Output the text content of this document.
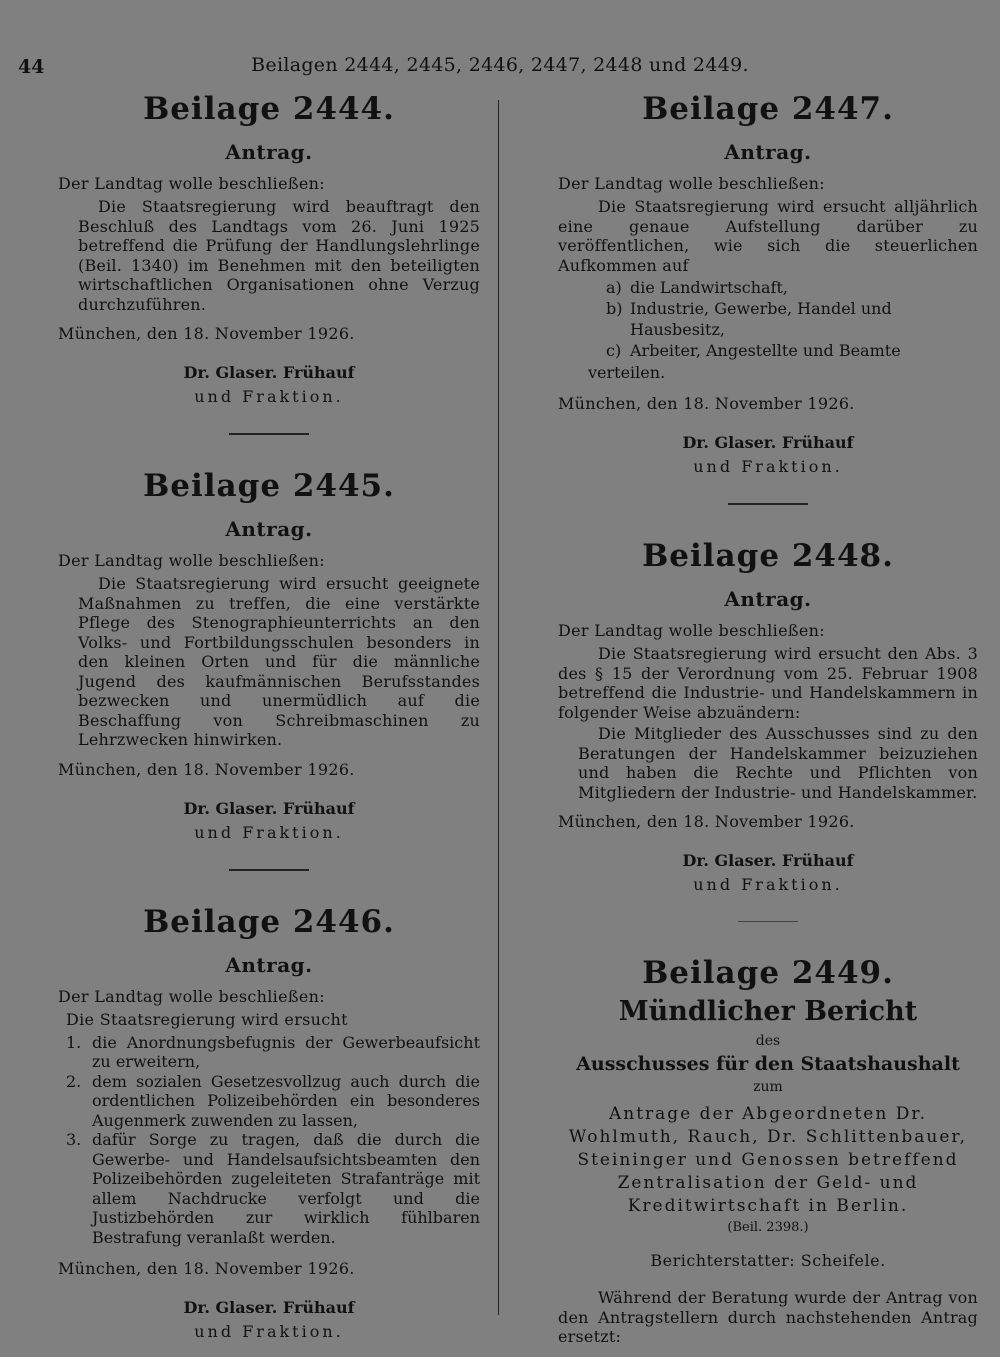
44	Beilagen 2444, 2445, 2446, 2447, 2448 und 2449.
Beilage 2444.
Antrag.
Der Landtag wolle beschließen:

Die Staatsregierung wird beauftragt den Beschluß des Landtags vom 26. Juni 1925 betreffend die Prüfung der Handlungslehrlinge (Beil. 1340) im Benehmen mit den beteiligten wirtschaftlichen Organisationen ohne Verzug durchzuführen.

München, den 18. November 1926.
Dr. Glaser. Frühauf
und Fraktion.
Beilage 2445.
Antrag.
Der Landtag wolle beschließen:

Die Staatsregierung wird ersucht geeignete Maßnahmen zu treffen, die eine verstärkte Pflege des Stenographieunterrichts an den Volks- und Fortbildungsschulen besonders in den kleinen Orten und für die männliche Jugend des kaufmännischen Berufsstandes bezwecken und unermüdlich auf die Beschaffung von Schreibmaschinen zu Lehrzwecken hinwirken.

München, den 18. November 1926.
Dr. Glaser. Frühauf
und Fraktion.
Beilage 2446.
Antrag.
Der Landtag wolle beschließen:
Die Staatsregierung wird ersucht
1. die Anordnungsbefugnis der Gewerbeaufsicht zu erweitern,
2. dem sozialen Gesetzesvollzug auch durch die ordentlichen Polizeibehörden ein besonderes Augenmerk zuwenden zu lassen,
3. dafür Sorge zu tragen, daß die durch die Gewerbe- und Handelsaufsichtsbeamten den Polizeibehörden zugeleiteten Strafanträge mit allem Nachdrucke verfolgt und die Justizbehörden zur wirklich fühlbaren Bestrafung veranlaßt werden.
München, den 18. November 1926.
Dr. Glaser. Frühauf
und Fraktion.
Beilage 2447.
Antrag.
Der Landtag wolle beschließen:

Die Staatsregierung wird ersucht alljährlich eine genaue Aufstellung darüber zu veröffentlichen, wie sich die steuerlichen Aufkommen auf

a) die Landwirtschaft,
b) Industrie, Gewerbe, Handel und Hausbesitz,
c) Arbeiter, Angestellte und Beamte
verteilen.
München, den 18. November 1926.
Dr. Glaser. Frühauf
und Fraktion.
Beilage 2448.
Antrag.
Der Landtag wolle beschließen:

Die Staatsregierung wird ersucht den Abs. 3 des § 15 der Verordnung vom 25. Februar 1908 betreffend die Industrie- und Handelskammern in folgender Weise abzuändern:

Die Mitglieder des Ausschusses sind zu den Beratungen der Handelskammer beizuziehen und haben die Rechte und Pflichten von Mitgliedern der Industrie- und Handelskammer.

München, den 18. November 1926.
Dr. Glaser. Frühauf
und Fraktion.
Beilage 2449.
Mündlicher Bericht
des
Ausschusses für den Staatshaushalt
zum
Antrage der Abgeordneten Dr. Wohlmuth, Rauch, Dr. Schlittenbauer, Steininger und Genossen betreffend Zentralisation der Geld- und Kreditwirtschaft in Berlin.
(Beil. 2398.)
Berichterstatter: Scheifele.

Während der Beratung wurde der Antrag von den Antragstellern durch nachstehenden Antrag ersetzt:
